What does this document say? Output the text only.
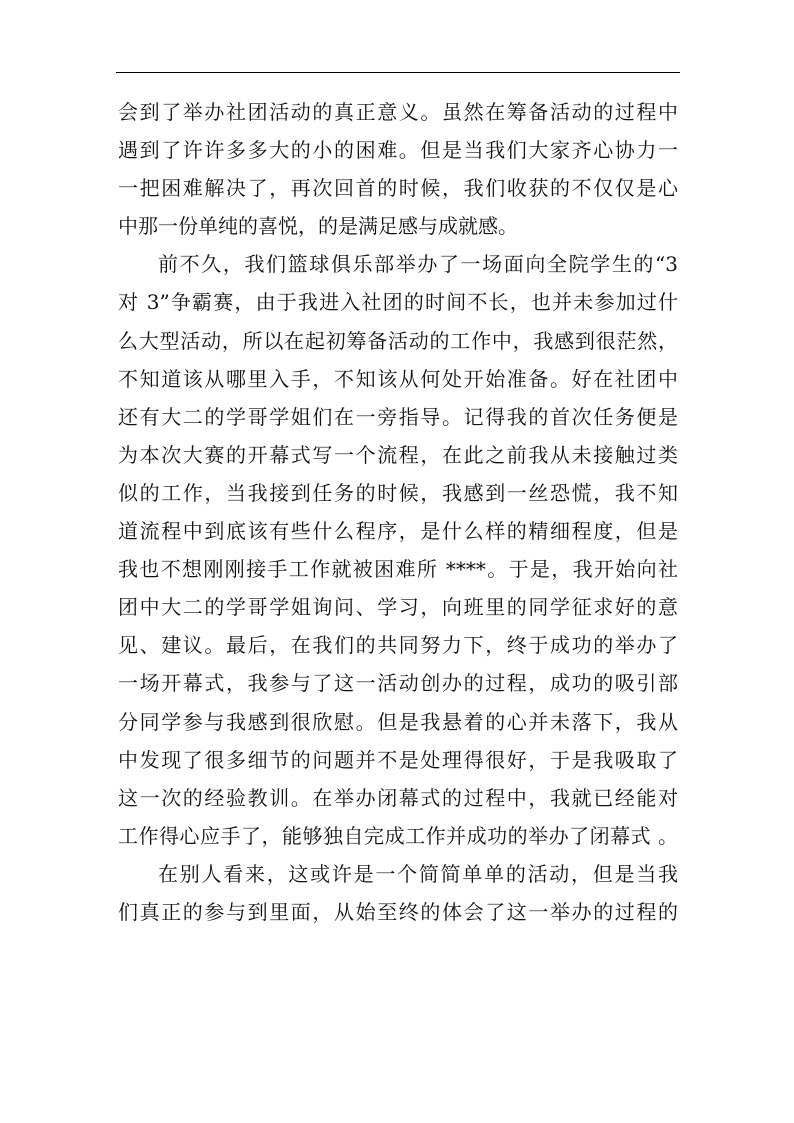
会到了举办社团活动的真正意义。虽然在筹备活动的过程中
遇到了许许多多大的小的困难。但是当我们大家齐心协力一
一把困难解决了，再次回首的时候，我们收获的不仅仅是心
中那一份单纯的喜悦，的是满足感与成就感。
前不久，我们篮球俱乐部举办了一场面向全院学生的“3
对 3”争霸赛，由于我进入社团的时间不长，也并未参加过什
么大型活动，所以在起初筹备活动的工作中，我感到很茫然，
不知道该从哪里入手，不知该从何处开始准备。好在社团中
还有大二的学哥学姐们在一旁指导。记得我的首次任务便是
为本次大赛的开幕式写一个流程，在此之前我从未接触过类
似的工作，当我接到任务的时候，我感到一丝恐慌，我不知
道流程中到底该有些什么程序，是什么样的精细程度，但是
我也不想刚刚接手工作就被困难所 ****。于是，我开始向社
团中大二的学哥学姐询问、学习，向班里的同学征求好的意
见、建议。最后，在我们的共同努力下，终于成功的举办了
一场开幕式，我参与了这一活动创办的过程，成功的吸引部
分同学参与我感到很欣慰。但是我悬着的心并未落下，我从
中发现了很多细节的问题并不是处理得很好，于是我吸取了
这一次的经验教训。在举办闭幕式的过程中，我就已经能对
工作得心应手了，能够独自完成工作并成功的举办了闭幕式 。
在别人看来，这或许是一个简简单单的活动，但是当我
们真正的参与到里面，从始至终的体会了这一举办的过程的
